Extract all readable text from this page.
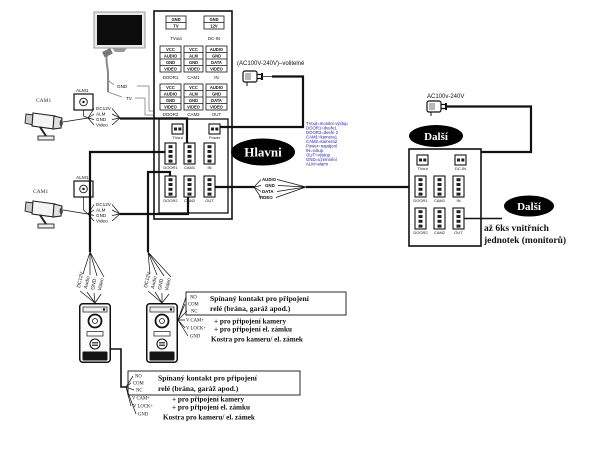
GND
TV
CAM1
ALM1
DC12V
ALM
GND
Video
CAM1
ALM1
DC12V
ALM
GND
Video
GND
TV
TVout
GND
12V
DC-IN
VCC
AUDIO
GND
VIDEO
DOOR1
VCC
ALM
GND
VIDEO
CAM1
AUDIO
GND
DATA
VIDEO
IN
VCC
AUDIO
GND
VIDEO
DOOR2
VCC
ALM
GND
VIDEO
CAM2
AUDIO
GND
DATA
VIDEO
OUT
TVout	Power
DOOR1 CAM1	IN
DOOR2 CAM2	OUT
(AC100V-240V)–volitelné
Hlavni
TVout=monitor výstup
DOOR1=dveře1
DOOR2=dveře 2
CAM1=kamera1
CAM2=kamera2
Power=napájení
IN=vstup
OUT=výstup
GND=uzemnění
ALM=alarm
AUDIO
GND
DATA
VIDEO
AC100v-240V
Další
TVout	DC-IN
DOOR1 CAM1	IN
DOOR2 CAM2 OUT
Další
až 6ks vnitřních
jednotek (monitorů)
DC12V
Audio
GND
Video	DC12V
Audio
GND
Video
NO
COM
NC
Spínaný kontakt pro připojení
relé (brána, garáž apod.)
V CAM+ + pro připojení kamery
V LOCK+ + pro připojení el. zámku
GND Kostra pro kameru/ el. zámek
NO
COM
NC
Spínaný kontakt pro připojení
relé (brána, garáž apod.)
V CAM+	+ pro připojení kamery
V LOCK+	+ pro připojení el. zámku
GND Kostra pro kameru/ el. zámek
